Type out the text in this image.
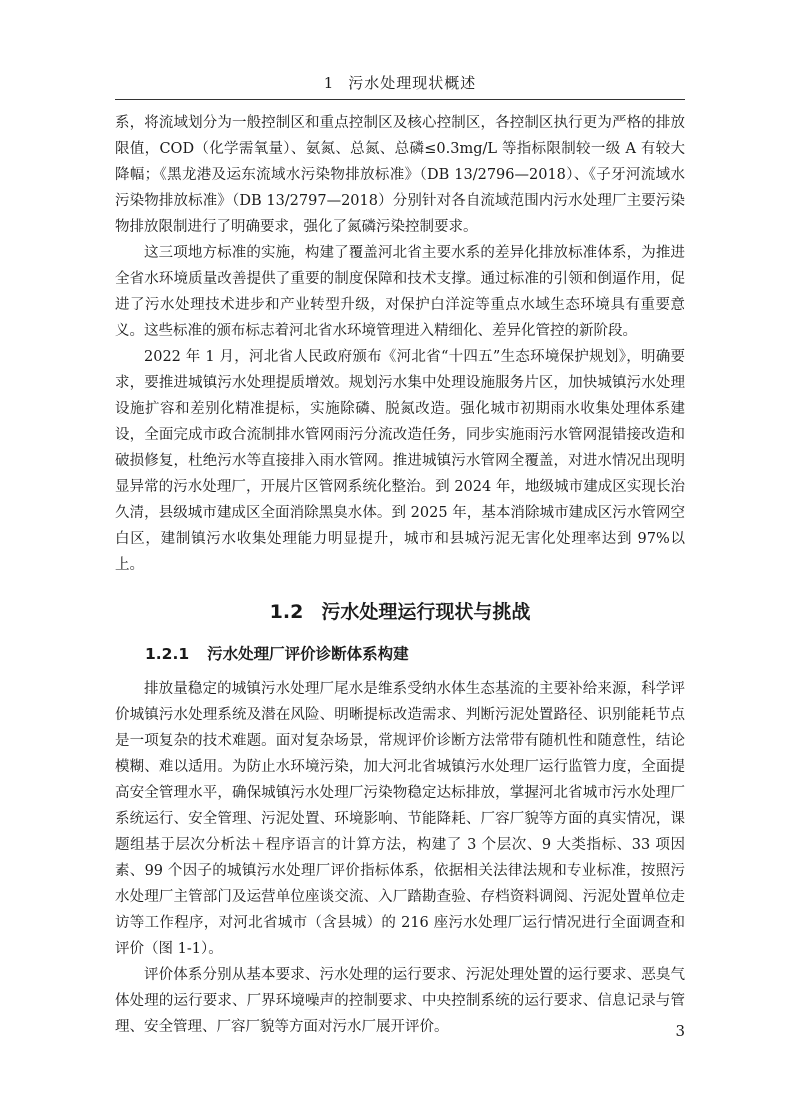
1 污水处理现状概述

系，将流域划分为一般控制区和重点控制区及核心控制区，各控制区执行更为严格的排放限值，COD（化学需氧量）、氨氮、总氮、总磷≤0.3mg/L 等指标限制较一级 A 有较大降幅；《黑龙港及运东流域水污染物排放标准》（DB 13/2796—2018）、《子牙河流域水污染物排放标准》（DB 13/2797—2018）分别针对各自流域范围内污水处理厂主要污染物排放限制进行了明确要求，强化了氮磷污染控制要求。

这三项地方标准的实施，构建了覆盖河北省主要水系的差异化排放标准体系，为推进全省水环境质量改善提供了重要的制度保障和技术支撑。通过标准的引领和倒逼作用，促进了污水处理技术进步和产业转型升级，对保护白洋淀等重点水域生态环境具有重要意义。这些标准的颁布标志着河北省水环境管理进入精细化、差异化管控的新阶段。

2022 年 1 月，河北省人民政府颁布《河北省“十四五”生态环境保护规划》，明确要求，要推进城镇污水处理提质增效。规划污水集中处理设施服务片区，加快城镇污水处理设施扩容和差别化精准提标，实施除磷、脱氮改造。强化城市初期雨水收集处理体系建设，全面完成市政合流制排水管网雨污分流改造任务，同步实施雨污水管网混错接改造和破损修复，杜绝污水等直接排入雨水管网。推进城镇污水管网全覆盖，对进水情况出现明显异常的污水处理厂，开展片区管网系统化整治。到 2024 年，地级城市建成区实现长治久清，县级城市建成区全面消除黑臭水体。到 2025 年，基本消除城市建成区污水管网空白区，建制镇污水收集处理能力明显提升，城市和县城污泥无害化处理率达到 97%以上。

1.2 污水处理运行现状与挑战
1.2.1 污水处理厂评价诊断体系构建

排放量稳定的城镇污水处理厂尾水是维系受纳水体生态基流的主要补给来源，科学评价城镇污水处理系统及潜在风险、明晰提标改造需求、判断污泥处置路径、识别能耗节点是一项复杂的技术难题。面对复杂场景，常规评价诊断方法常带有随机性和随意性，结论模糊、难以适用。为防止水环境污染，加大河北省城镇污水处理厂运行监管力度，全面提高安全管理水平，确保城镇污水处理厂污染物稳定达标排放，掌握河北省城市污水处理厂系统运行、安全管理、污泥处置、环境影响、节能降耗、厂容厂貌等方面的真实情况，课题组基于层次分析法＋程序语言的计算方法，构建了 3 个层次、9 大类指标、33 项因素、99 个因子的城镇污水处理厂评价指标体系，依据相关法律法规和专业标准，按照污水处理厂主管部门及运营单位座谈交流、入厂踏勘查验、存档资料调阅、污泥处置单位走访等工作程序，对河北省城市（含县城）的 216 座污水处理厂运行情况进行全面调查和评价（图 1-1）。

评价体系分别从基本要求、污水处理的运行要求、污泥处理处置的运行要求、恶臭气体处理的运行要求、厂界环境噪声的控制要求、中央控制系统的运行要求、信息记录与管理、安全管理、厂容厂貌等方面对污水厂展开评价。	3
